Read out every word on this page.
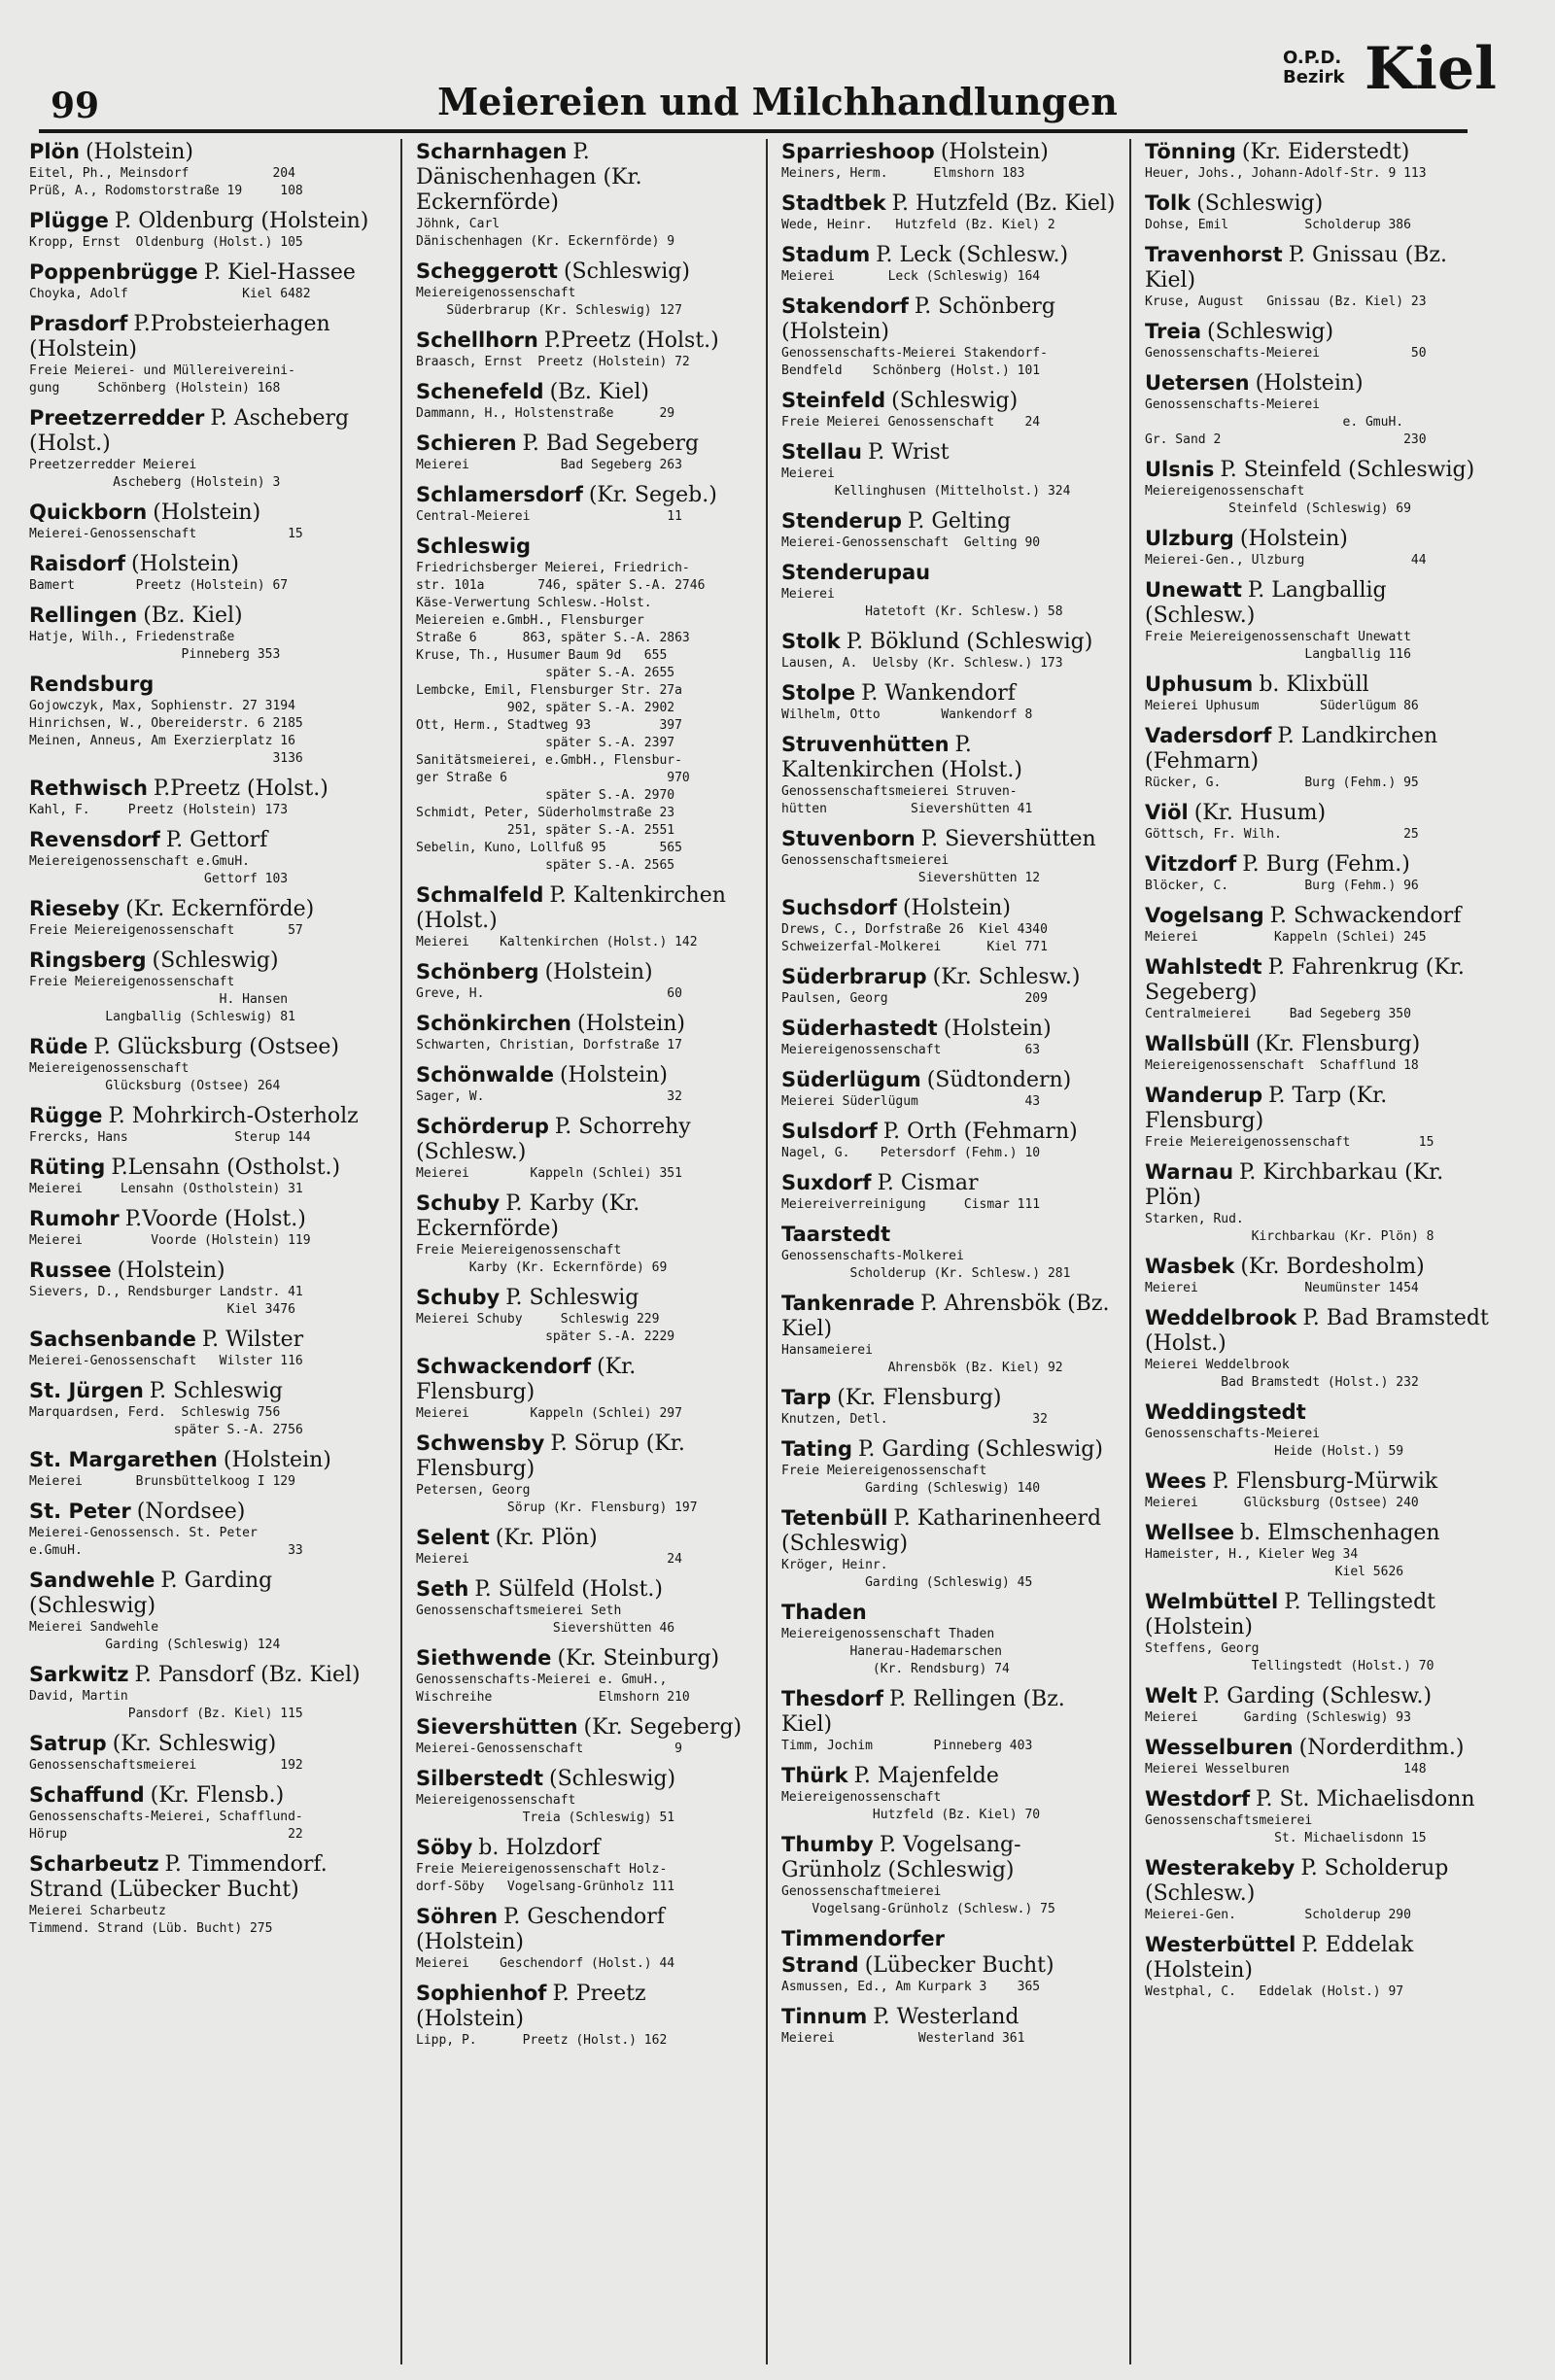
99	Meiereien und Milchhandlungen
O.P.D.
Bezirk Kiel
Plön (Holstein)
Eitel, Ph., Meinsdorf           204
Prüß, A., Rodomstorstraße 19     108
Plügge P. Oldenburg (Holstein)
Kropp, Ernst  Oldenburg (Holst.) 105
Poppenbrügge P. Kiel-Hassee
Choyka, Adolf               Kiel 6482
Prasdorf P.Probsteierhagen (Holstein)
Freie Meierei- und Müllereivereini-
gung     Schönberg (Holstein) 168
Preetzerredder P. Ascheberg (Holst.)
Preetzerredder Meierei
Ascheberg (Holstein) 3
Quickborn (Holstein)
Meierei-Genossenschaft            15
Raisdorf (Holstein)
Bamert        Preetz (Holstein) 67
Rellingen (Bz. Kiel)
Hatje, Wilh., Friedenstraße
Pinneberg 353
Rendsburg
Gojowczyk, Max, Sophienstr. 27 3194
Hinrichsen, W., Obereiderstr. 6 2185
Meinen, Anneus, Am Exerzierplatz 16
3136
Rethwisch P.Preetz (Holst.)
Kahl, F.     Preetz (Holstein) 173
Revensdorf P. Gettorf
Meiereigenossenschaft e.GmuH.
Gettorf 103
Rieseby (Kr. Eckernförde)
Freie Meiereigenossenschaft       57
Ringsberg (Schleswig)
Freie Meiereigenossenschaft
H. Hansen
Langballig (Schleswig) 81
Rüde P. Glücksburg (Ostsee)
Meiereigenossenschaft
Glücksburg (Ostsee) 264
Rügge P. Mohrkirch-Osterholz
Frercks, Hans              Sterup 144
Rüting P.Lensahn (Ostholst.)
Meierei     Lensahn (Ostholstein) 31
Rumohr P.Voorde (Holst.)
Meierei         Voorde (Holstein) 119
Russee (Holstein)
Sievers, D., Rendsburger Landstr. 41
Kiel 3476
Sachsenbande P. Wilster
Meierei-Genossenschaft   Wilster 116
St. Jürgen P. Schleswig
Marquardsen, Ferd.  Schleswig 756
später S.-A. 2756
St. Margarethen (Holstein)
Meierei       Brunsbüttelkoog I 129
St. Peter (Nordsee)
Meierei-Genossensch. St. Peter
e.GmuH.                           33
Sandwehle P. Garding (Schleswig)
Meierei Sandwehle
Garding (Schleswig) 124
Sarkwitz P. Pansdorf (Bz. Kiel)
David, Martin
Pansdorf (Bz. Kiel) 115
Satrup (Kr. Schleswig)
Genossenschaftsmeierei           192
Schaffund (Kr. Flensb.)
Genossenschafts-Meierei, Schafflund-
Hörup                             22
Scharbeutz P. Timmendorf. Strand (Lübecker Bucht)
Meierei Scharbeutz
Timmend. Strand (Lüb. Bucht) 275
Scharnhagen P. Dänischenhagen (Kr. Eckernförde)
Jöhnk, Carl
Dänischenhagen (Kr. Eckernförde) 9
Scheggerott (Schleswig)
Meiereigenossenschaft
Süderbrarup (Kr. Schleswig) 127
Schellhorn P.Preetz (Holst.)
Braasch, Ernst  Preetz (Holstein) 72
Schenefeld (Bz. Kiel)
Dammann, H., Holstenstraße      29
Schieren P. Bad Segeberg
Meierei            Bad Segeberg 263
Schlamersdorf (Kr. Segeb.)
Central-Meierei                  11
Schleswig
Friedrichsberger Meierei, Friedrich-
str. 101a       746, später S.-A. 2746
Käse-Verwertung Schlesw.-Holst.
Meiereien e.GmbH., Flensburger
Straße 6      863, später S.-A. 2863
Kruse, Th., Husumer Baum 9d   655
später S.-A. 2655
Lembcke, Emil, Flensburger Str. 27a
902, später S.-A. 2902
Ott, Herm., Stadtweg 93         397
später S.-A. 2397
Sanitätsmeierei, e.GmbH., Flensbur-
ger Straße 6                     970
später S.-A. 2970
Schmidt, Peter, Süderholmstraße 23
251, später S.-A. 2551
Sebelin, Kuno, Lollfuß 95       565
später S.-A. 2565
Schmalfeld P. Kaltenkirchen (Holst.)
Meierei    Kaltenkirchen (Holst.) 142
Schönberg (Holstein)
Greve, H.                        60
Schönkirchen (Holstein)
Schwarten, Christian, Dorfstraße 17
Schönwalde (Holstein)
Sager, W.                        32
Schörderup P. Schorrehy (Schlesw.)
Meierei        Kappeln (Schlei) 351
Schuby P. Karby (Kr. Eckernförde)
Freie Meiereigenossenschaft
Karby (Kr. Eckernförde) 69
Schuby P. Schleswig
Meierei Schuby     Schleswig 229
später S.-A. 2229
Schwackendorf (Kr. Flensburg)
Meierei        Kappeln (Schlei) 297
Schwensby P. Sörup (Kr. Flensburg)
Petersen, Georg
Sörup (Kr. Flensburg) 197
Selent (Kr. Plön)
Meierei                          24
Seth P. Sülfeld (Holst.)
Genossenschaftsmeierei Seth
Sievershütten 46
Siethwende (Kr. Steinburg)
Genossenschafts-Meierei e. GmuH.,
Wischreihe              Elmshorn 210
Sievershütten (Kr. Segeberg)
Meierei-Genossenschaft            9
Silberstedt (Schleswig)
Meiereigenossenschaft
Treia (Schleswig) 51
Söby b. Holzdorf
Freie Meiereigenossenschaft Holz-
dorf-Söby   Vogelsang-Grünholz 111
Söhren P. Geschendorf (Holstein)
Meierei    Geschendorf (Holst.) 44
Sophienhof P. Preetz (Holstein)
Lipp, P.      Preetz (Holst.) 162
Sparrieshoop (Holstein)
Meiners, Herm.      Elmshorn 183
Stadtbek P. Hutzfeld (Bz. Kiel)
Wede, Heinr.   Hutzfeld (Bz. Kiel) 2
Stadum P. Leck (Schlesw.)
Meierei       Leck (Schleswig) 164
Stakendorf P. Schönberg (Holstein)
Genossenschafts-Meierei Stakendorf-
Bendfeld    Schönberg (Holst.) 101
Steinfeld (Schleswig)
Freie Meierei Genossenschaft    24
Stellau P. Wrist
Meierei
Kellinghusen (Mittelholst.) 324
Stenderup P. Gelting
Meierei-Genossenschaft  Gelting 90
Stenderupau
Meierei
Hatetoft (Kr. Schlesw.) 58
Stolk P. Böklund (Schleswig)
Lausen, A.  Uelsby (Kr. Schlesw.) 173
Stolpe P. Wankendorf
Wilhelm, Otto        Wankendorf 8
Struvenhütten P. Kaltenkirchen (Holst.)
Genossenschaftsmeierei Struven-
hütten           Sievershütten 41
Stuvenborn P. Sievershütten
Genossenschaftsmeierei
Sievershütten 12
Suchsdorf (Holstein)
Drews, C., Dorfstraße 26  Kiel 4340
Schweizerfal-Molkerei      Kiel 771
Süderbrarup (Kr. Schlesw.)
Paulsen, Georg                  209
Süderhastedt (Holstein)
Meiereigenossenschaft           63
Süderlügum (Südtondern)
Meierei Süderlügum              43
Sulsdorf P. Orth (Fehmarn)
Nagel, G.    Petersdorf (Fehm.) 10
Suxdorf P. Cismar
Meiereiverreinigung     Cismar 111
Taarstedt
Genossenschafts-Molkerei
Scholderup (Kr. Schlesw.) 281
Tankenrade P. Ahrensbök (Bz. Kiel)
Hansameierei
Ahrensbök (Bz. Kiel) 92
Tarp (Kr. Flensburg)
Knutzen, Detl.                   32
Tating P. Garding (Schleswig)
Freie Meiereigenossenschaft
Garding (Schleswig) 140
Tetenbüll P. Katharinenheerd (Schleswig)
Kröger, Heinr.
Garding (Schleswig) 45
Thaden
Meiereigenossenschaft Thaden
Hanerau-Hademarschen
(Kr. Rendsburg) 74
Thesdorf P. Rellingen (Bz. Kiel)
Timm, Jochim        Pinneberg 403
Thürk P. Majenfelde
Meiereigenossenschaft
Hutzfeld (Bz. Kiel) 70
Thumby P. Vogelsang-Grünholz (Schleswig)
Genossenschaftmeierei
Vogelsang-Grünholz (Schlesw.) 75
Timmendorfer Strand (Lübecker Bucht)
Asmussen, Ed., Am Kurpark 3    365
Tinnum P. Westerland
Meierei           Westerland 361
Tönning (Kr. Eiderstedt)
Heuer, Johs., Johann-Adolf-Str. 9 113
Tolk (Schleswig)
Dohse, Emil          Scholderup 386
Travenhorst P. Gnissau (Bz. Kiel)
Kruse, August   Gnissau (Bz. Kiel) 23
Treia (Schleswig)
Genossenschafts-Meierei            50
Uetersen (Holstein)
Genossenschafts-Meierei
e. GmuH.
Gr. Sand 2                        230
Ulsnis P. Steinfeld (Schleswig)
Meiereigenossenschaft
Steinfeld (Schleswig) 69
Ulzburg (Holstein)
Meierei-Gen., Ulzburg              44
Unewatt P. Langballig (Schlesw.)
Freie Meiereigenossenschaft Unewatt
Langballig 116
Uphusum b. Klixbüll
Meierei Uphusum        Süderlügum 86
Vadersdorf P. Landkirchen (Fehmarn)
Rücker, G.           Burg (Fehm.) 95
Viöl (Kr. Husum)
Göttsch, Fr. Wilh.                25
Vitzdorf P. Burg (Fehm.)
Blöcker, C.          Burg (Fehm.) 96
Vogelsang P. Schwackendorf
Meierei          Kappeln (Schlei) 245
Wahlstedt P. Fahrenkrug (Kr. Segeberg)
Centralmeierei     Bad Segeberg 350
Wallsbüll (Kr. Flensburg)
Meiereigenossenschaft  Schafflund 18
Wanderup P. Tarp (Kr. Flensburg)
Freie Meiereigenossenschaft         15
Warnau P. Kirchbarkau (Kr. Plön)
Starken, Rud.
Kirchbarkau (Kr. Plön) 8
Wasbek (Kr. Bordesholm)
Meierei              Neumünster 1454
Weddelbrook P. Bad Bramstedt (Holst.)
Meierei Weddelbrook
Bad Bramstedt (Holst.) 232
Weddingstedt
Genossenschafts-Meierei
Heide (Holst.) 59
Wees P. Flensburg-Mürwik
Meierei      Glücksburg (Ostsee) 240
Wellsee b. Elmschenhagen
Hameister, H., Kieler Weg 34
Kiel 5626
Welmbüttel P. Tellingstedt (Holstein)
Steffens, Georg
Tellingstedt (Holst.) 70
Welt P. Garding (Schlesw.)
Meierei      Garding (Schleswig) 93
Wesselburen (Norderdithm.)
Meierei Wesselburen               148
Westdorf P. St. Michaelisdonn
Genossenschaftsmeierei
St. Michaelisdonn 15
Westerakeby P. Scholderup (Schlesw.)
Meierei-Gen.         Scholderup 290
Westerbüttel P. Eddelak (Holstein)
Westphal, C.   Eddelak (Holst.) 97
